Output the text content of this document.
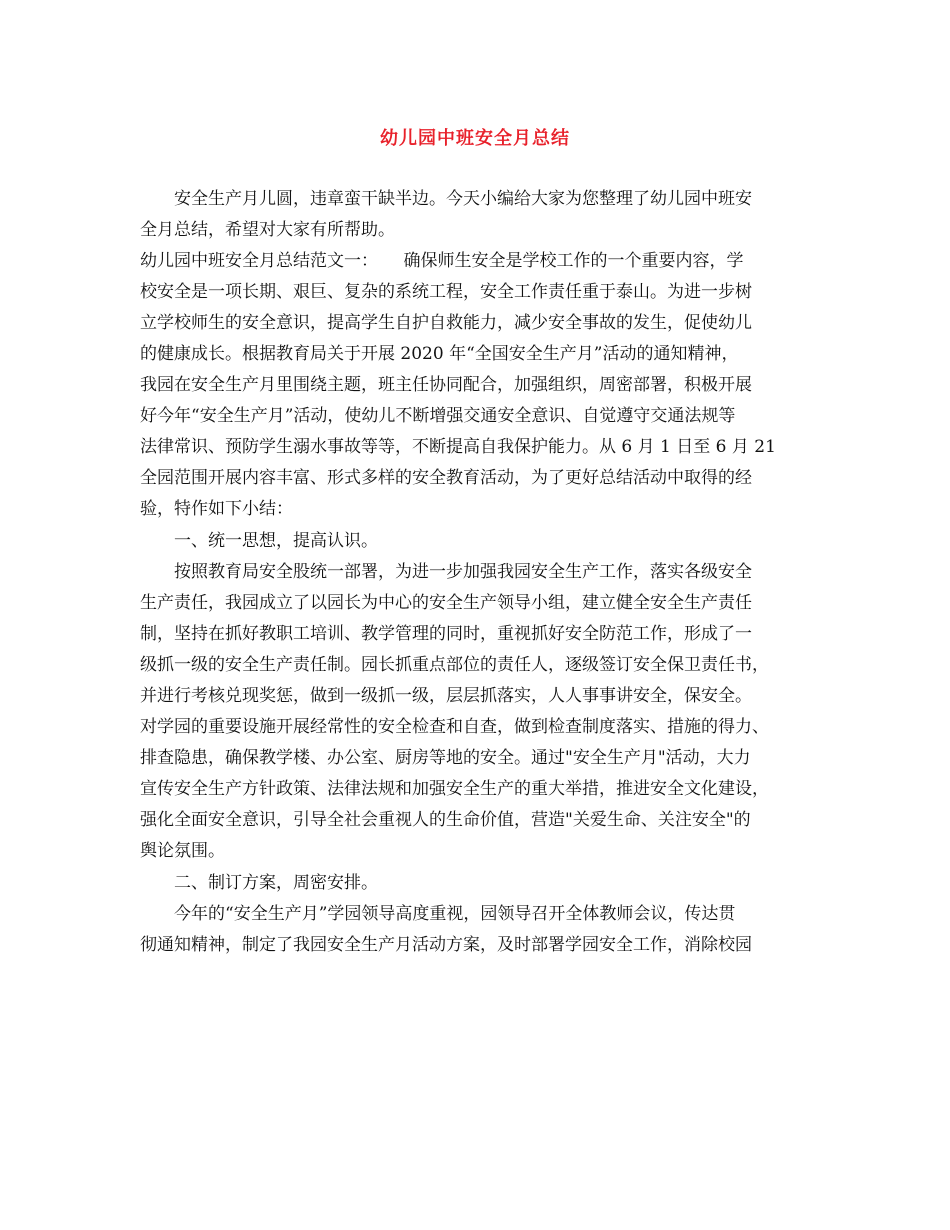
幼儿园中班安全月总结
　　安全生产月儿圆，违章蛮干缺半边。今天小编给大家为您整理了幼儿园中班安
全月总结，希望对大家有所帮助。
幼儿园中班安全月总结范文一：　　确保师生安全是学校工作的一个重要内容，学
校安全是一项长期、艰巨、复杂的系统工程，安全工作责任重于泰山。为进一步树
立学校师生的安全意识，提高学生自护自救能力，减少安全事故的发生，促使幼儿
的健康成长。根据教育局关于开展 2020 年“全国安全生产月”活动的通知精神，
我园在安全生产月里围绕主题，班主任协同配合，加强组织，周密部署，积极开展
好今年“安全生产月”活动，使幼儿不断增强交通安全意识、自觉遵守交通法规等
法律常识、预防学生溺水事故等等，不断提高自我保护能力。从 6 月 1 日至 6 月 21
全园范围开展内容丰富、形式多样的安全教育活动，为了更好总结活动中取得的经
验，特作如下小结：
　　一、统一思想，提高认识。
　　按照教育局安全股统一部署，为进一步加强我园安全生产工作，落实各级安全
生产责任，我园成立了以园长为中心的安全生产领导小组，建立健全安全生产责任
制，坚持在抓好教职工培训、教学管理的同时，重视抓好安全防范工作，形成了一
级抓一级的安全生产责任制。园长抓重点部位的责任人，逐级签订安全保卫责任书，
并进行考核兑现奖惩，做到一级抓一级，层层抓落实，人人事事讲安全，保安全。
对学园的重要设施开展经常性的安全检查和自查，做到检查制度落实、措施的得力、
排查隐患，确保教学楼、办公室、厨房等地的安全。通过"安全生产月"活动，大力
宣传安全生产方针政策、法律法规和加强安全生产的重大举措，推进安全文化建设，
强化全面安全意识，引导全社会重视人的生命价值，营造"关爱生命、关注安全"的
舆论氛围。
　　二、制订方案，周密安排。
　　今年的“安全生产月”学园领导高度重视，园领导召开全体教师会议，传达贯
彻通知精神，制定了我园安全生产月活动方案，及时部署学园安全工作，消除校园
